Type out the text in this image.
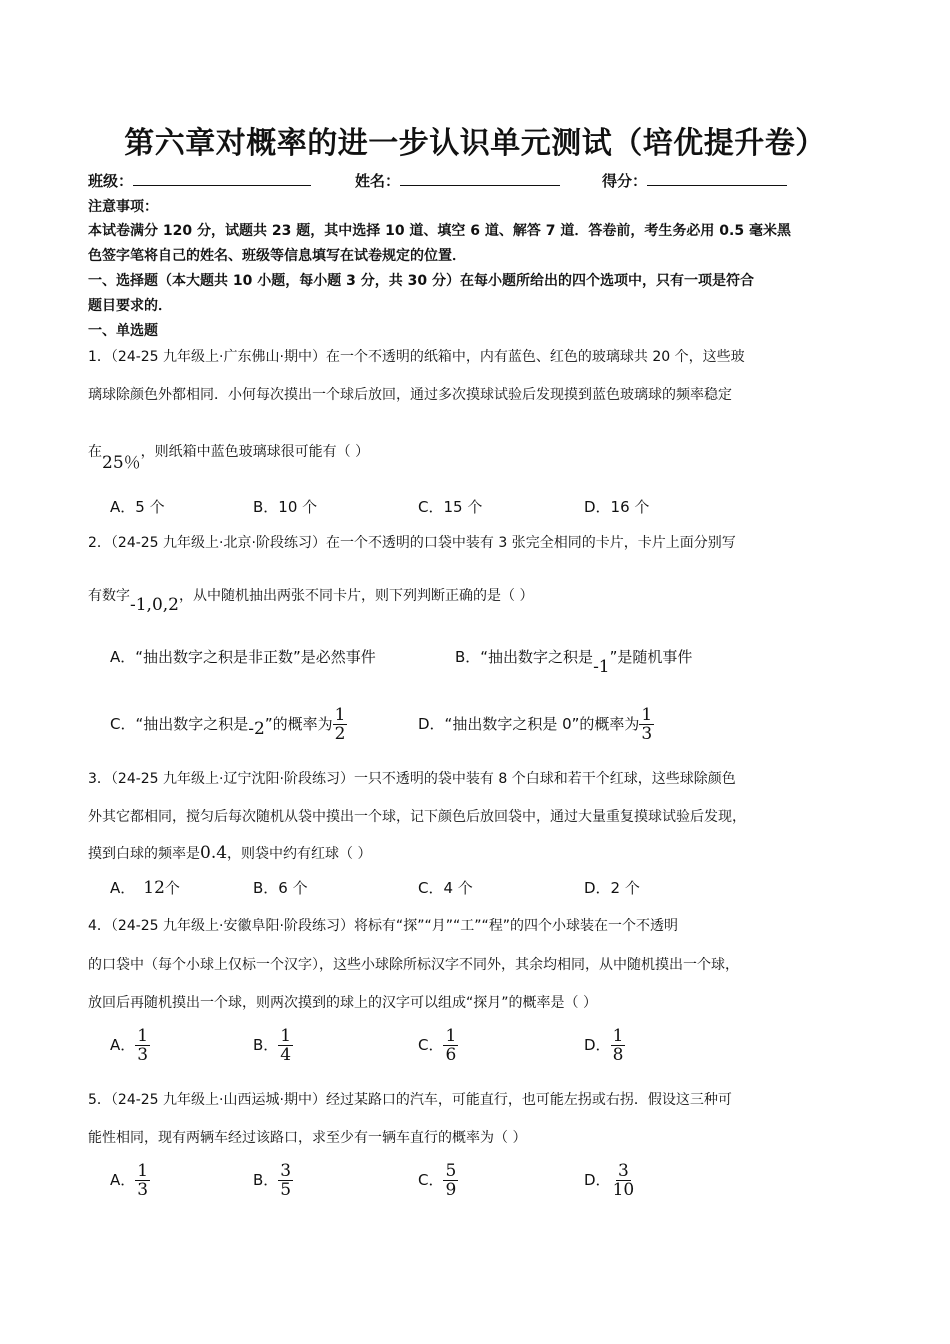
第六章对概率的进一步认识单元测试（培优提升卷）
班级：	姓名：	得分：
注意事项：
本试卷满分 120 分，试题共 23 题，其中选择 10 道、填空 6 道、解答 7 道．答卷前，考生务必用 0.5 毫米黑
色签字笔将自己的姓名、班级等信息填写在试卷规定的位置．
一、选择题（本大题共 10 小题，每小题 3 分，共 30 分）在每小题所给出的四个选项中，只有一项是符合
题目要求的．
一、单选题
1．（24-25 九年级上·广东佛山·期中）在一个不透明的纸箱中，内有蓝色、红色的玻璃球共 20 个，这些玻
璃球除颜色外都相同．小何每次摸出一个球后放回，通过多次摸球试验后发现摸到蓝色玻璃球的频率稳定
在25％，则纸箱中蓝色玻璃球很可能有（ ）
A．5 个	B．10 个	C．15 个	D．16 个
2．（24-25 九年级上·北京·阶段练习）在一个不透明的口袋中装有 3 张完全相同的卡片，卡片上面分别写
有数字-1,0,2，从中随机抽出两张不同卡片，则下列判断正确的是（ ）
A．“抽出数字之积是非正数”是必然事件	B．“抽出数字之积是-1”是随机事件
C．“抽出数字之积是-2”的概率为 $\frac{1}{2}$	D．“抽出数字之积是 0”的概率为 $\frac{1}{3}$
3．（24-25 九年级上·辽宁沈阳·阶段练习）一只不透明的袋中装有 8 个白球和若干个红球，这些球除颜色
外其它都相同，搅匀后每次随机从袋中摸出一个球，记下颜色后放回袋中，通过大量重复摸球试验后发现，
摸到白球的频率是0.4，则袋中约有红球（ ）
A． 12个	B．6 个	C．4 个	D．2 个
4．（24-25 九年级上·安徽阜阳·阶段练习）将标有“探”“月”“工”“程”的四个小球装在一个不透明
的口袋中（每个小球上仅标一个汉字），这些小球除所标汉字不同外，其余均相同，从中随机摸出一个球，
放回后再随机摸出一个球，则两次摸到的球上的汉字可以组成“探月”的概率是（ ）
A． $\frac{1}{3}$	B． $\frac{1}{4}$	C． $\frac{1}{6}$	D． $\frac{1}{8}$
5．（24-25 九年级上·山西运城·期中）经过某路口的汽车，可能直行，也可能左拐或右拐．假设这三种可
能性相同，现有两辆车经过该路口，求至少有一辆车直行的概率为（ ）
A． $\frac{1}{3}$	B． $\frac{3}{5}$	C． $\frac{5}{9}$	D． $\frac{3}{10}$
